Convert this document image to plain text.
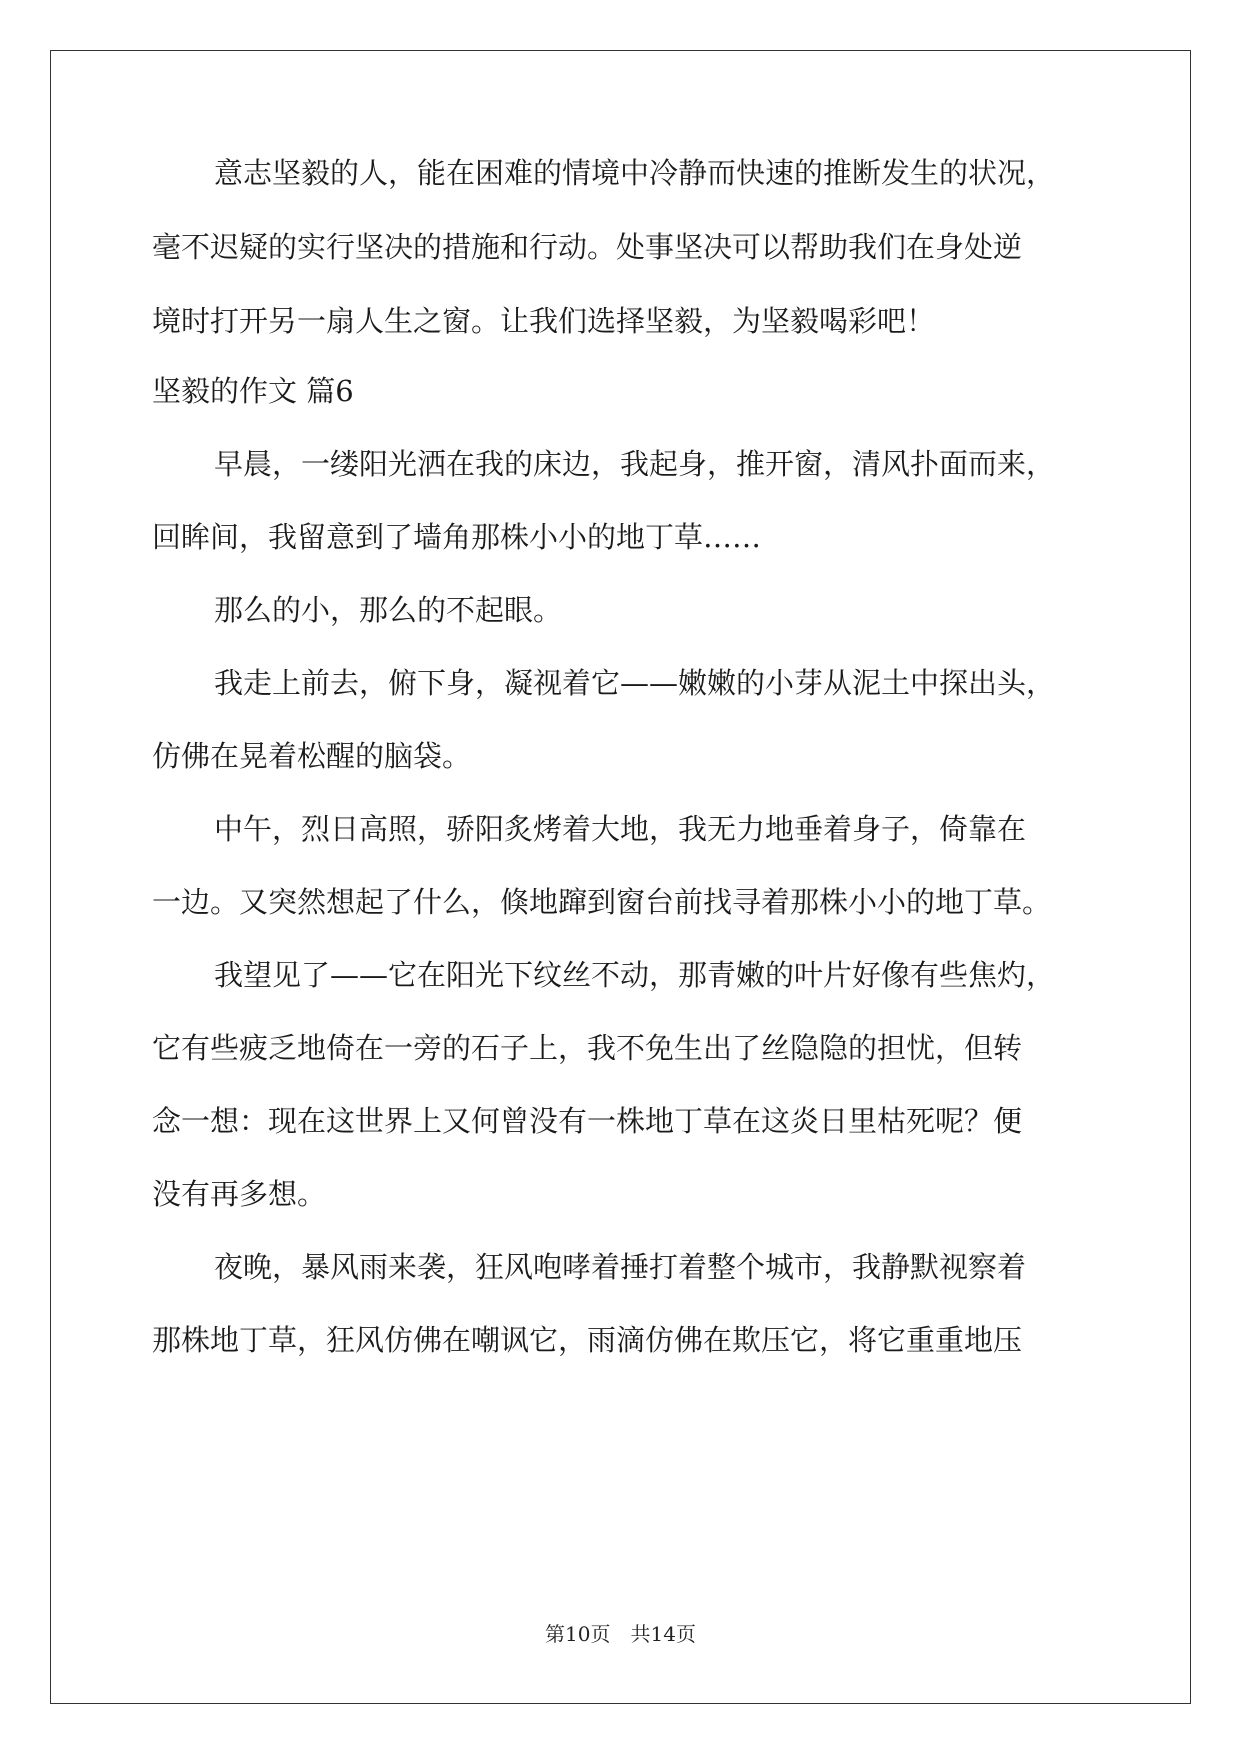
意志坚毅的人，能在困难的情境中冷静而快速的推断发生的状况，
毫不迟疑的实行坚决的措施和行动。处事坚决可以帮助我们在身处逆
境时打开另一扇人生之窗。让我们选择坚毅，为坚毅喝彩吧！
坚毅的作文 篇6
早晨，一缕阳光洒在我的床边，我起身，推开窗，清风扑面而来，
回眸间，我留意到了墙角那株小小的地丁草……
那么的小，那么的不起眼。
我走上前去，俯下身，凝视着它——嫩嫩的小芽从泥土中探出头，
仿佛在晃着松醒的脑袋。
中午，烈日高照，骄阳炙烤着大地，我无力地垂着身子，倚靠在
一边。又突然想起了什么，倏地蹿到窗台前找寻着那株小小的地丁草。
我望见了——它在阳光下纹丝不动，那青嫩的叶片好像有些焦灼，
它有些疲乏地倚在一旁的石子上，我不免生出了丝隐隐的担忧，但转
念一想：现在这世界上又何曾没有一株地丁草在这炎日里枯死呢？便
没有再多想。
夜晚，暴风雨来袭，狂风咆哮着捶打着整个城市，我静默视察着
那株地丁草，狂风仿佛在嘲讽它，雨滴仿佛在欺压它，将它重重地压
第10页　共14页
